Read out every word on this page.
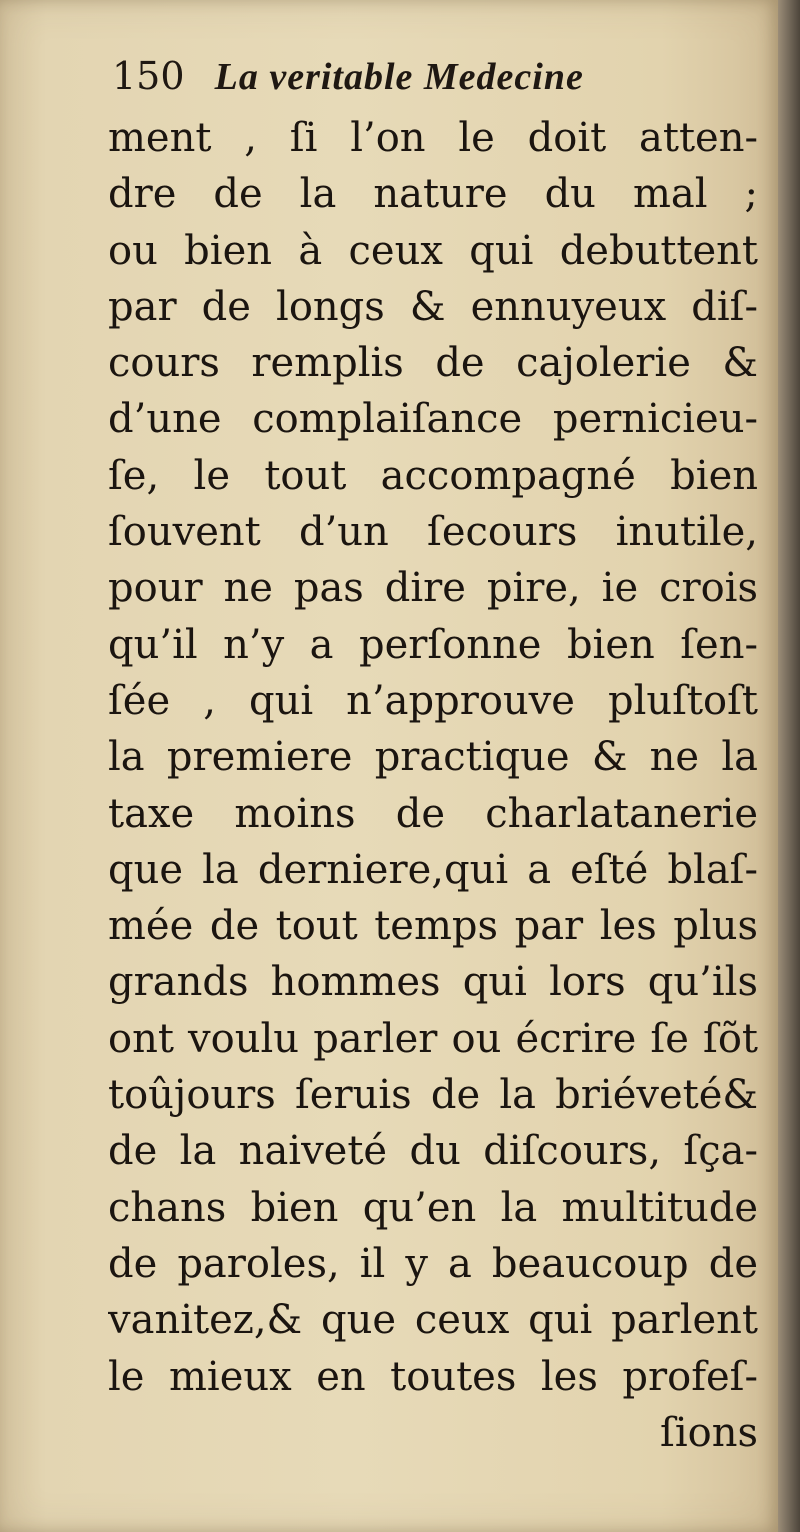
150 La veritable Medecine
ment , ſi l’on le doit atten-
dre de la nature du mal ;
ou bien à ceux qui debuttent
par de longs & ennuyeux diſ-
cours remplis de cajolerie &
d’une complaiſance pernicieu-
ſe, le tout accompagné bien
ſouvent d’un ſecours inutile,
pour ne pas dire pire, ie crois
qu’il n’y a perſonne bien ſen-
ſée , qui n’approuve pluſtoſt
la premiere practique & ne la
taxe moins de charlatanerie
que la derniere,qui a eſté blaſ-
mée de tout temps par les plus
grands hommes qui lors qu’ils
ont voulu parler ou écrire ſe ſõt
toûjours ſeruis de la briéveté&
de la naiveté du diſcours, ſça-
chans bien qu’en la multitude
de paroles, il y a beaucoup de
vanitez,& que ceux qui parlent
le mieux en toutes les profeſ-
ſions
